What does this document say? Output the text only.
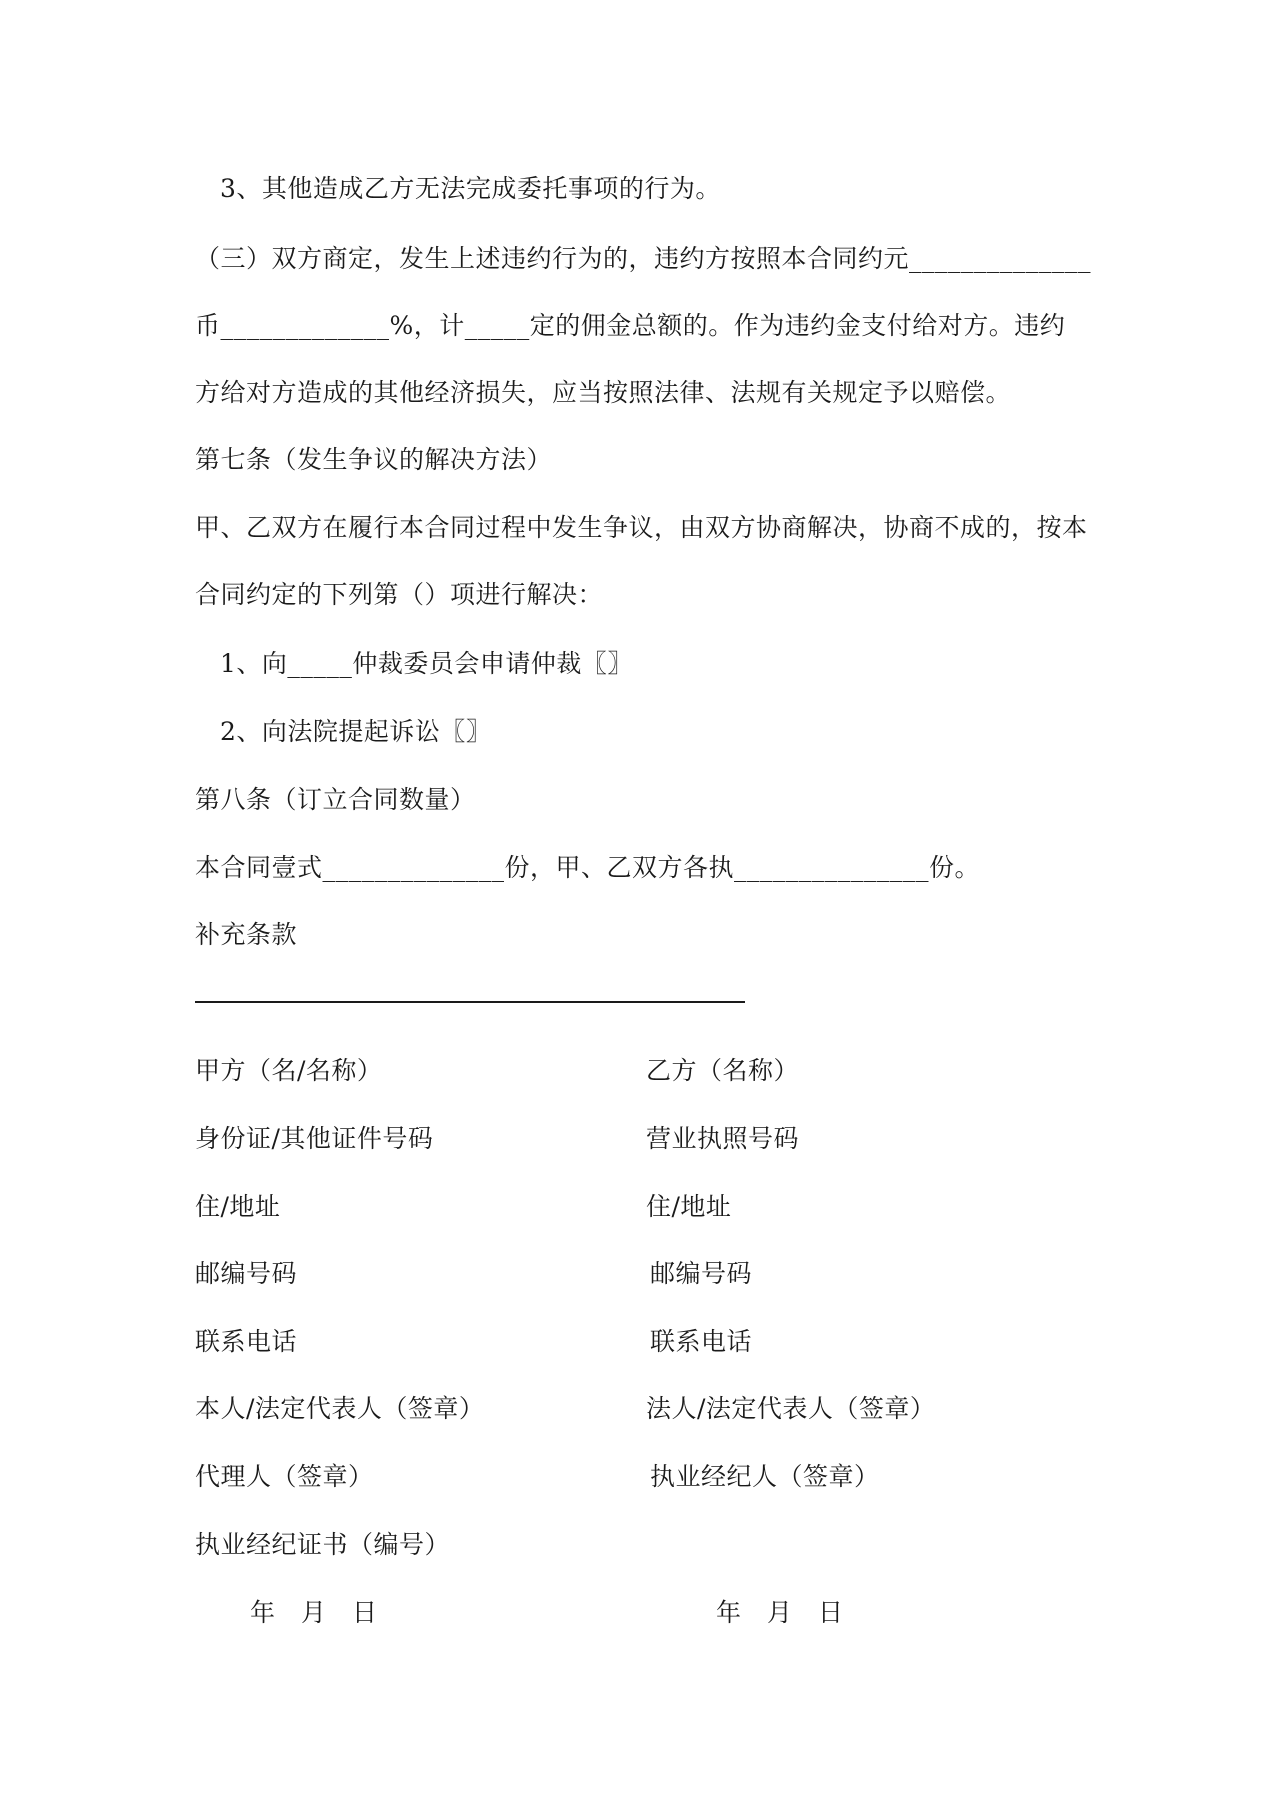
3、其他造成乙方无法完成委托事项的行为。
（三）双方商定，发生上述违约行为的，违约方按照本合同约元______________
币_____________%，计_____定的佣金总额的。作为违约金支付给对方。违约
方给对方造成的其他经济损失，应当按照法律、法规有关规定予以赔偿。
第七条（发生争议的解决方法）
甲、乙双方在履行本合同过程中发生争议，由双方协商解决，协商不成的，按本
合同约定的下列第（）项进行解决：
1、向_____仲裁委员会申请仲裁〖〗
2、向法院提起诉讼〖〗
第八条（订立合同数量）
本合同壹式______________份，甲、乙双方各执_______________份。
补充条款
甲方（名/名称）
身份证/其他证件号码
住/地址
邮编号码
联系电话
本人/法定代表人（签章）
代理人（签章）
执业经纪证书（编号）
年　月　日
乙方（名称）
营业执照号码
住/地址
邮编号码
联系电话
法人/法定代表人（签章）
执业经纪人（签章）
年　月　日
